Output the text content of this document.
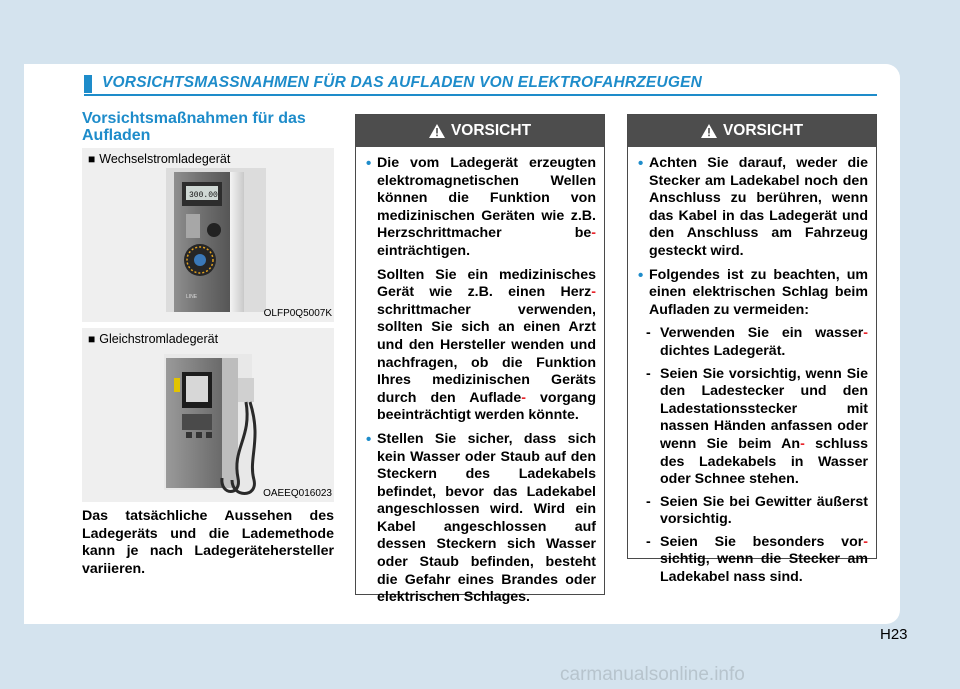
VORSICHTSMASSNAHMEN FÜR DAS AUFLADEN VON ELEKTROFAHRZEUGEN
Vorsichtsmaßnahmen für das
Aufladen
■ Wechselstromladegerät
300.00
LINE
OLFP0Q5007K
■ Gleichstromladegerät
OAEEQ016023

Das tatsächliche Aussehen des Ladegeräts und die Lademethode kann je nach Ladegerätehersteller variieren.

VORSICHT

• Die vom Ladegerät erzeugten elektromagnetischen Wellen können die Funktion von medizinischen Geräten wie z.B. Herzschrittmacher be- einträchtigen.

Sollten Sie ein medizinisches Gerät wie z.B. einen Herz- schrittmacher verwenden, sollten Sie sich an einen Arzt und den Hersteller wenden und nachfragen, ob die Funktion Ihres medizinischen Geräts durch den Auflade- vorgang beeinträchtigt werden könnte.

• Stellen Sie sicher, dass sich kein Wasser oder Staub auf den Steckern des Ladekabels befindet, bevor das Ladekabel angeschlossen wird. Wird ein Kabel angeschlossen auf dessen Steckern sich Wasser oder Staub befinden, besteht die Gefahr eines Brandes oder elektrischen Schlages.

VORSICHT

• Achten Sie darauf, weder die Stecker am Ladekabel noch den Anschluss zu berühren, wenn das Kabel in das Ladegerät und den Anschluss am Fahrzeug gesteckt wird.

• Folgendes ist zu beachten, um einen elektrischen Schlag beim Aufladen zu vermeiden:

- Verwenden Sie ein wasser- dichtes Ladegerät.

- Seien Sie vorsichtig, wenn Sie den Ladestecker und den Ladestationsstecker mit nassen Händen anfassen oder wenn Sie beim An- schluss des Ladekabels in Wasser oder Schnee stehen.

- Seien Sie bei Gewitter äußerst vorsichtig.

- Seien Sie besonders vor- sichtig, wenn die Stecker am Ladekabel nass sind.

H23
carmanualsonline.info
